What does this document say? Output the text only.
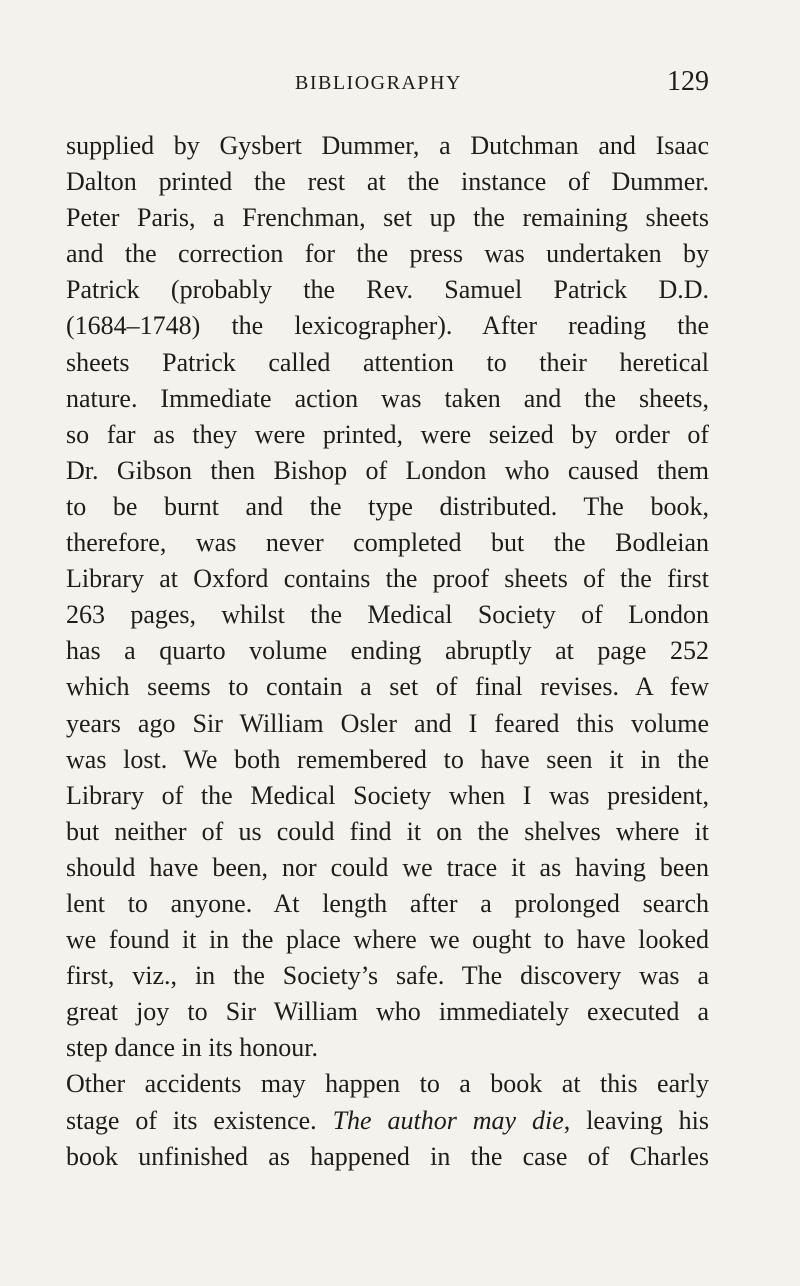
BIBLIOGRAPHY	129
supplied by Gysbert Dummer, a Dutchman and Isaac
Dalton printed the rest at the instance of Dummer.
Peter Paris, a Frenchman, set up the remaining sheets
and the correction for the press was undertaken by
Patrick (probably the Rev. Samuel Patrick D.D.
(1684–1748) the lexicographer). After reading the
sheets Patrick called attention to their heretical
nature. Immediate action was taken and the sheets,
so far as they were printed, were seized by order of
Dr. Gibson then Bishop of London who caused them
to be burnt and the type distributed. The book,
therefore, was never completed but the Bodleian
Library at Oxford contains the proof sheets of the first
263 pages, whilst the Medical Society of London
has a quarto volume ending abruptly at page 252
which seems to contain a set of final revises. A few
years ago Sir William Osler and I feared this volume
was lost. We both remembered to have seen it in the
Library of the Medical Society when I was president,
but neither of us could find it on the shelves where it
should have been, nor could we trace it as having been
lent to anyone. At length after a prolonged search
we found it in the place where we ought to have looked
first, viz., in the Society’s safe. The discovery was a
great joy to Sir William who immediately executed a
step dance in its honour.
Other accidents may happen to a book at this early
stage of its existence. The author may die, leaving his
book unfinished as happened in the case of Charles
